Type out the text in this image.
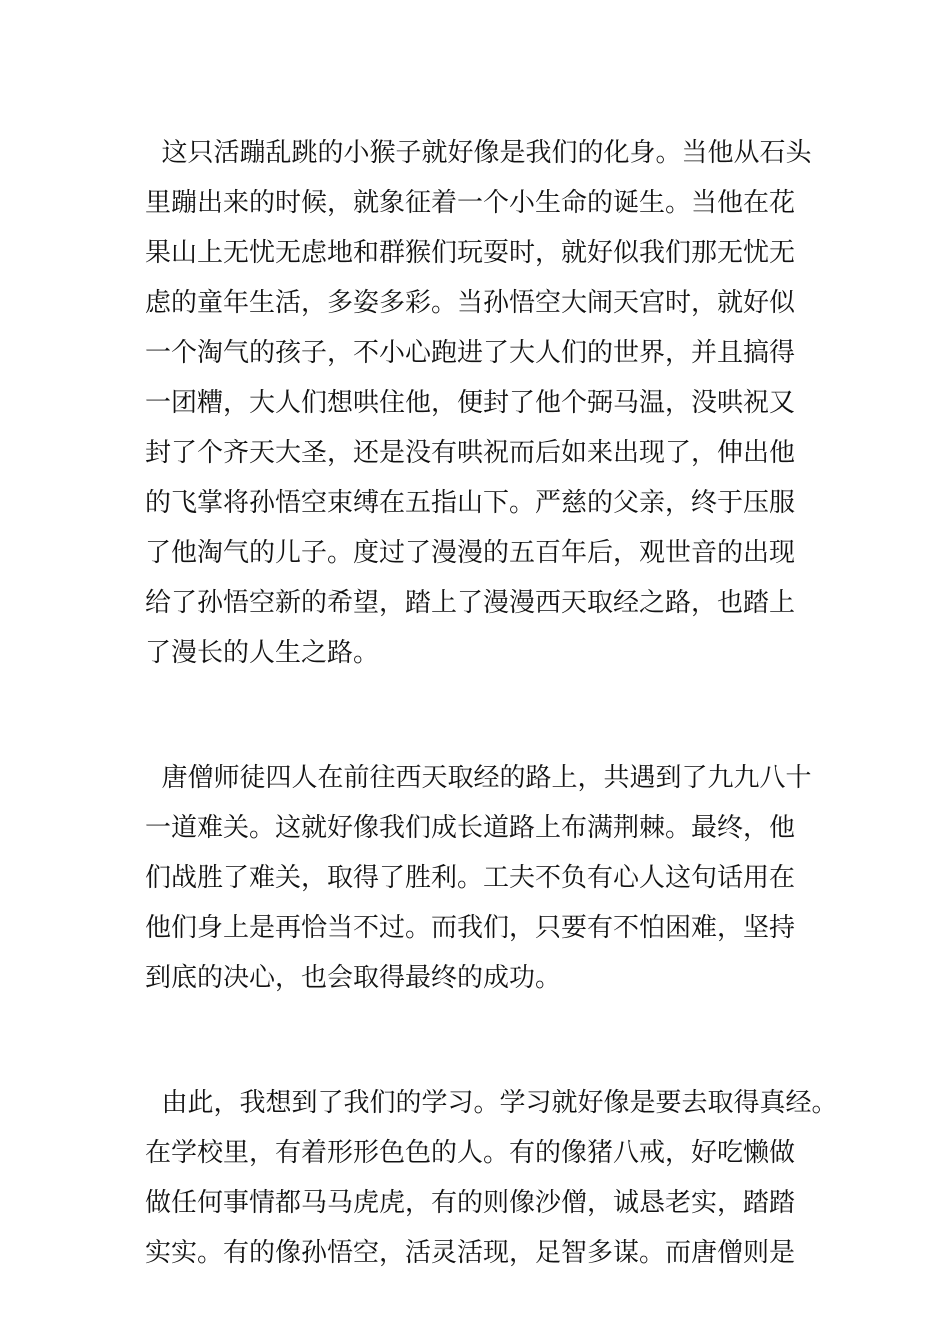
这只活蹦乱跳的小猴子就好像是我们的化身。当他从石头
里蹦出来的时候，就象征着一个小生命的诞生。当他在花
果山上无忧无虑地和群猴们玩耍时，就好似我们那无忧无
虑的童年生活，多姿多彩。当孙悟空大闹天宫时，就好似
一个淘气的孩子，不小心跑进了大人们的世界，并且搞得
一团糟，大人们想哄住他，便封了他个弼马温，没哄祝又
封了个齐天大圣，还是没有哄祝而后如来出现了，伸出他
的飞掌将孙悟空束缚在五指山下。严慈的父亲，终于压服
了他淘气的儿子。度过了漫漫的五百年后，观世音的出现
给了孙悟空新的希望，踏上了漫漫西天取经之路，也踏上
了漫长的人生之路。
唐僧师徒四人在前往西天取经的路上，共遇到了九九八十
一道难关。这就好像我们成长道路上布满荆棘。最终，他
们战胜了难关，取得了胜利。工夫不负有心人这句话用在
他们身上是再恰当不过。而我们，只要有不怕困难，坚持
到底的决心，也会取得最终的成功。
由此，我想到了我们的学习。学习就好像是要去取得真经。
在学校里，有着形形色色的人。有的像猪八戒，好吃懒做
做任何事情都马马虎虎，有的则像沙僧，诚恳老实，踏踏
实实。有的像孙悟空，活灵活现，足智多谋。而唐僧则是
